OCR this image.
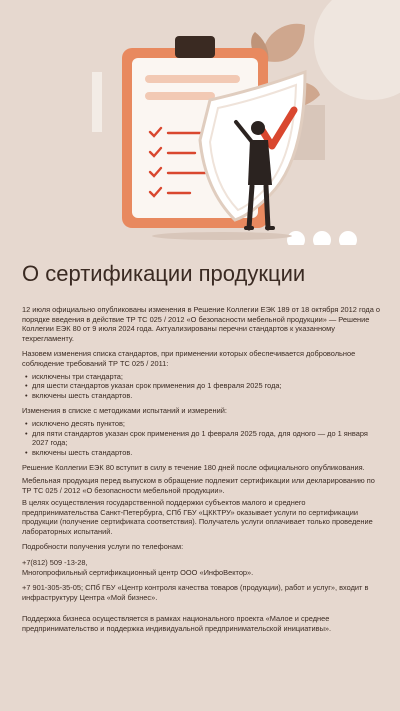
О сертификации продукции

12 июля официально опубликованы изменения в Решение Коллегии ЕЭК 189 от 18 октября 2012 года о порядке введения в действие ТР ТС 025 / 2012 «О безопасности мебельной продукции» — Решение Коллегии ЕЭК 80 от 9 июля 2024 года. Актуализированы перечни стандартов к указанному техрегламенту.

Назовем изменения списка стандартов, при применении которых обеспечивается добровольное соблюдение требований ТР ТС 025 / 2011:

• исключены три стандарта;
• для шести стандартов указан срок применения до 1 февраля 2025 года;
• включены шесть стандартов.

Изменения в списке с методиками испытаний и измерений:

• исключено десять пунктов;
• для пяти стандартов указан срок применения до 1 февраля 2025 года, для одного — до 1 января 2027 года;
• включены шесть стандартов.

Решение Коллегии ЕЭК 80 вступит в силу в течение 180 дней после официального опубликования.

Мебельная продукция перед выпуском в обращение подлежит сертификации или декларированию по ТР ТС 025 / 2012 «О безопасности мебельной продукции».

В целях осуществления государственной поддержки субъектов малого и среднего предпринимательства Санкт-Петербурга, СПб ГБУ «ЦККТРУ» оказывает услуги по сертификации продукции (получение сертификата соответствия). Получатель услуги оплачивает только проведение лабораторных испытаний.

Подробности получения услуги по телефонам:

+7(812) 509 -13-28,
Многопрофильный сертификационный центр ООО «ИнфоВектор».

+7 901-305-35-05; СПб ГБУ «Центр контроля качества товаров (продукции), работ и услуг», входит в инфраструктуру Центра «Мой бизнес».

Поддержка бизнеса осуществляется в рамках национального проекта «Малое и среднее предпринимательство и поддержка индивидуальной предпринимательской инициативы».
